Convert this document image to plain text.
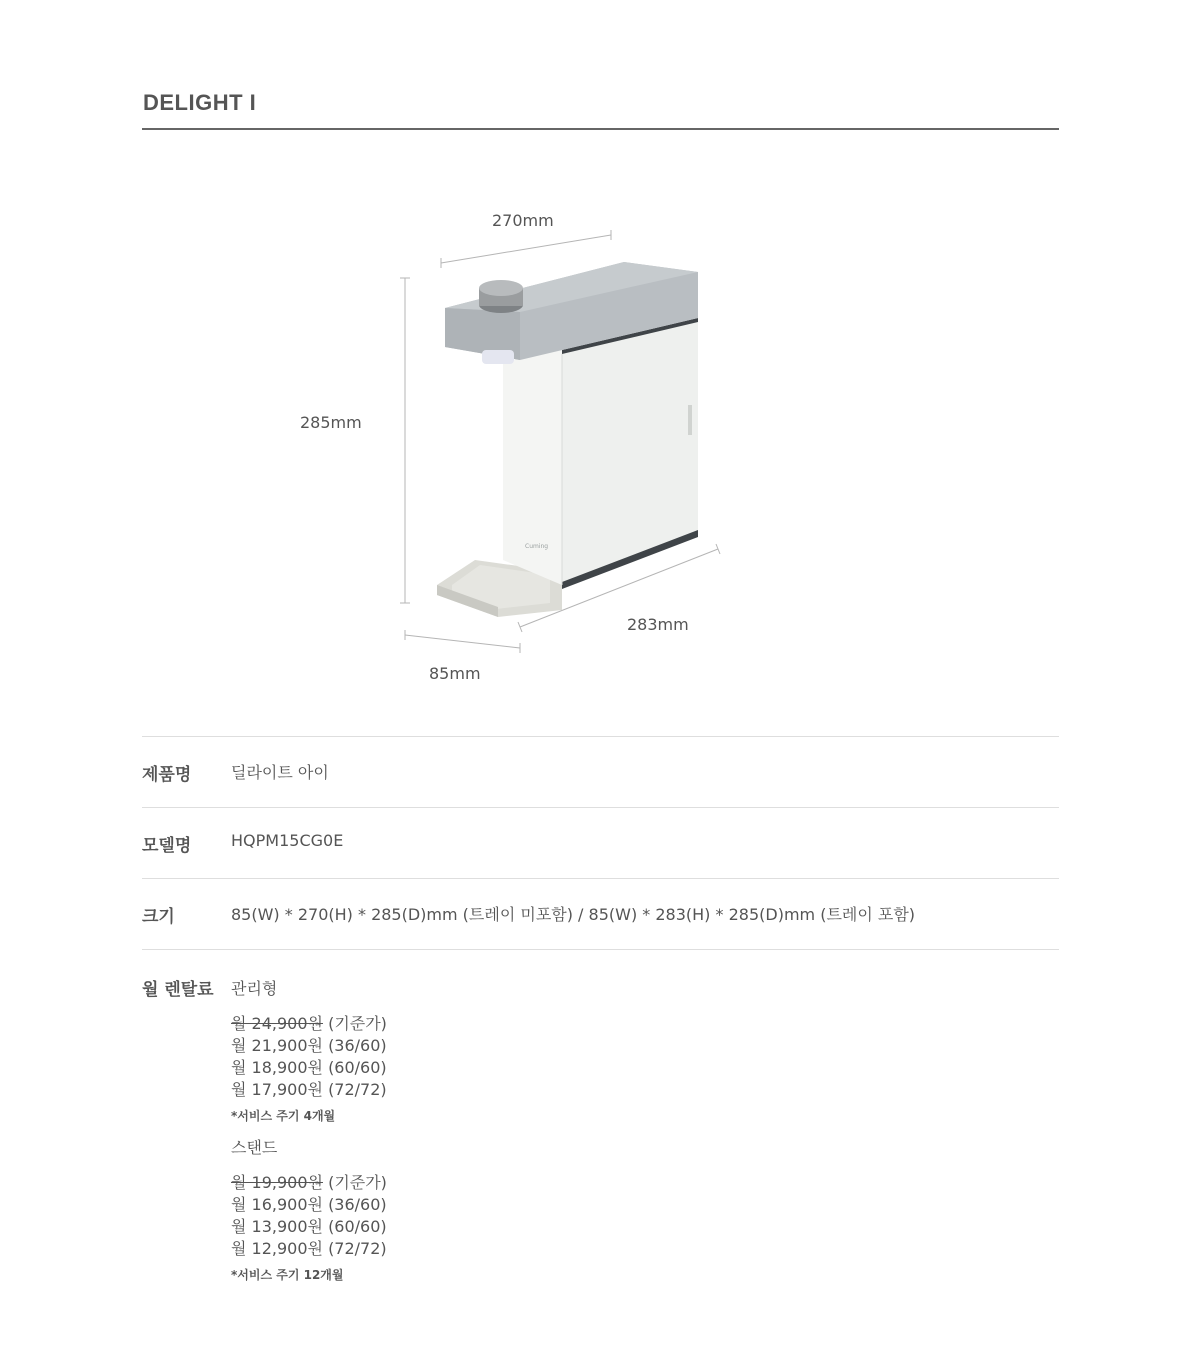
DELIGHT I
Cuming
270mm
285mm
283mm
85mm
제품명 딜라이트 아이
모델명 HQPM15CG0E
크기	85(W) * 270(H) * 285(D)mm (트레이 미포함) / 85(W) * 283(H) * 285(D)mm (트레이 포함)
월 렌탈료 관리형
월 24,900원 (기준가)
월 21,900원 (36/60)
월 18,900원 (60/60)
월 17,900원 (72/72)
*서비스 주기 4개월
스탠드
월 19,900원 (기준가)
월 16,900원 (36/60)
월 13,900원 (60/60)
월 12,900원 (72/72)
*서비스 주기 12개월
